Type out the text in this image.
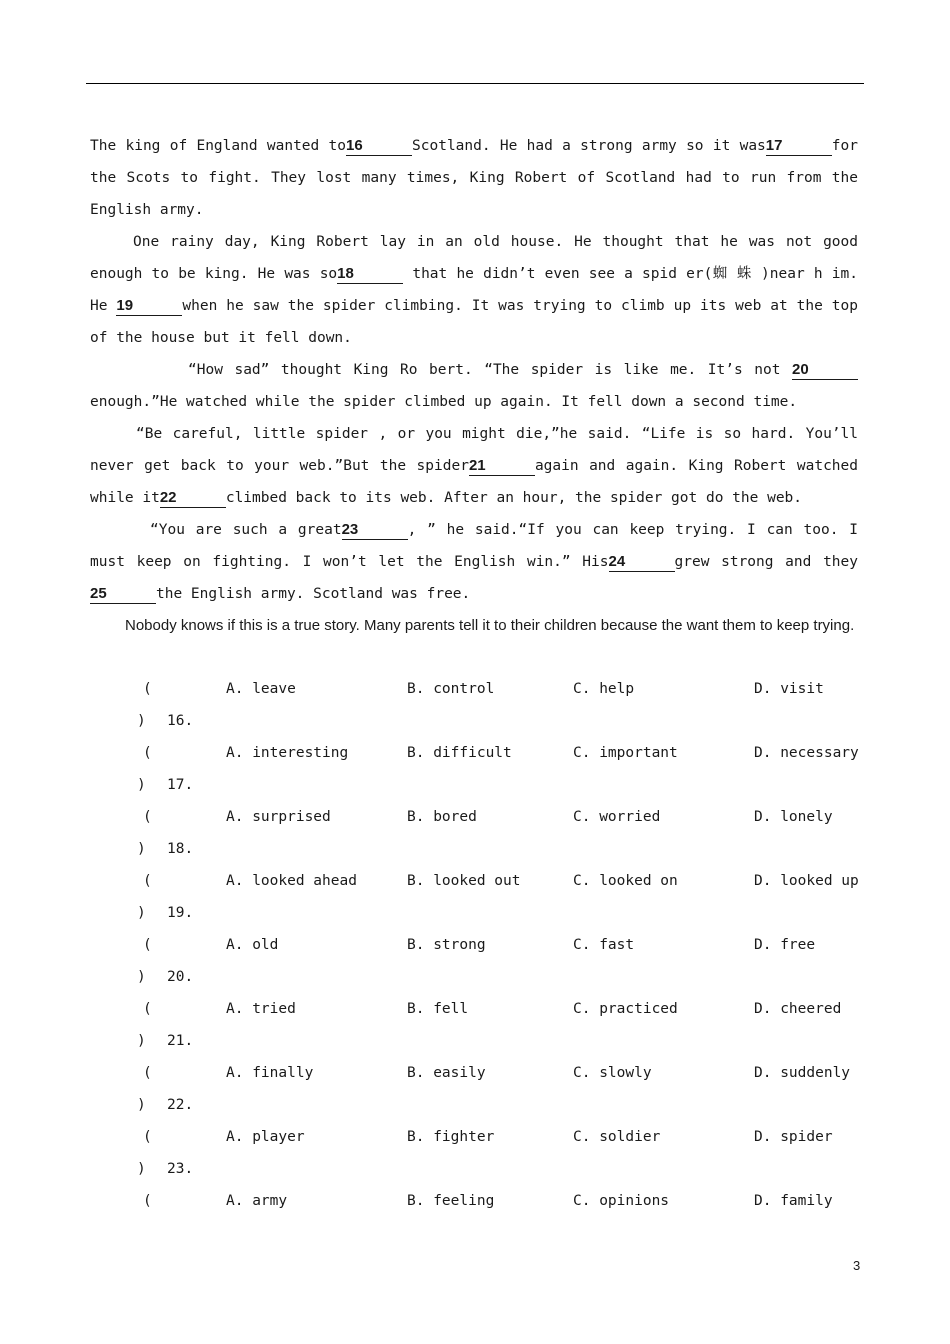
The king of England wanted to16	Scotland. He had a strong army so it was17	for the Scots to fight. They lost many times, King Robert of Scotland had to run from the English army.

One rainy day, King Robert lay in an old house. He thought that he was not good enough to be king. He was so18	that he didn’t even see a spid er(蜘 蛛 )near h im. He 19	when he saw the spider climbing. It was trying to climb up its web at the top of the house but it fell down.

“How sad” thought King Ro bert. “The spider is like me. It’s not 20enough.”He watched while the spider climbed up again. It fell down a second time.

“Be careful, little spider , or you might die,”he said. “Life is so hard. You’ll never get back to your web.”But the spider21	again and again. King Robert watched while it22	climbed back to its web. After an hour, the spider got do the web.

“You are such a great23	, ” he said.“If you can keep trying. I can too. I must keep on fighting. I won’t let the English win.” His24	grew strong and they25	the English army. Scotland was free.

Nobody knows if this is a true story. Many parents tell it to their children because the want them to keep trying.

(	A. leave	B. control	C. help	D. visit
) 16.
(	A. interesting	B. difficult	C. important	D. necessary
) 17.
(	A. surprised	B. bored	C. worried	D. lonely
) 18.
(	A. looked ahead	B. looked out	C. looked on	D. looked up
) 19.
(	A. old	B. strong	C. fast	D. free
) 20.
(	A. tried	B. fell	C. practiced	D. cheered
) 21.
(	A. finally	B. easily	C. slowly	D. suddenly
) 22.
(	A. player	B. fighter	C. soldier	D. spider
) 23.
(	A. army	B. feeling	C. opinions	D. family
3
